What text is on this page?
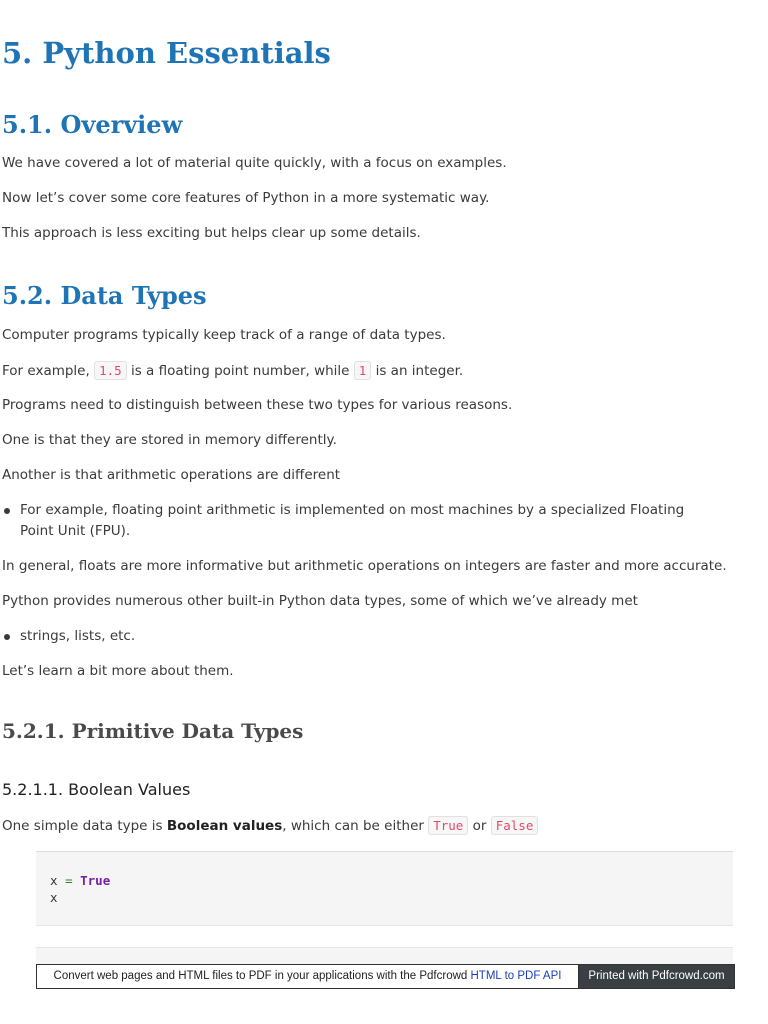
5. Python Essentials
5.1. Overview

We have covered a lot of material quite quickly, with a focus on examples.

Now let’s cover some core features of Python in a more systematic way.

This approach is less exciting but helps clear up some details.

5.2. Data Types

Computer programs typically keep track of a range of data types.

For example, 1.5 is a floating point number, while 1 is an integer.

Programs need to distinguish between these two types for various reasons.

One is that they are stored in memory differently.

Another is that arithmetic operations are different

For example, floating point arithmetic is implemented on most machines by a specialized Floating Point Unit (FPU).

In general, floats are more informative but arithmetic operations on integers are faster and more accurate.

Python provides numerous other built-in Python data types, some of which we’ve already met

strings, lists, etc.

Let’s learn a bit more about them.

5.2.1. Primitive Data Types
5.2.1.1. Boolean Values

One simple data type is Boolean values, which can be either True or False

x = True
x
Convert web pages and HTML files to PDF in your applications with the Pdfcrowd HTML to PDF API	Printed with Pdfcrowd.com
